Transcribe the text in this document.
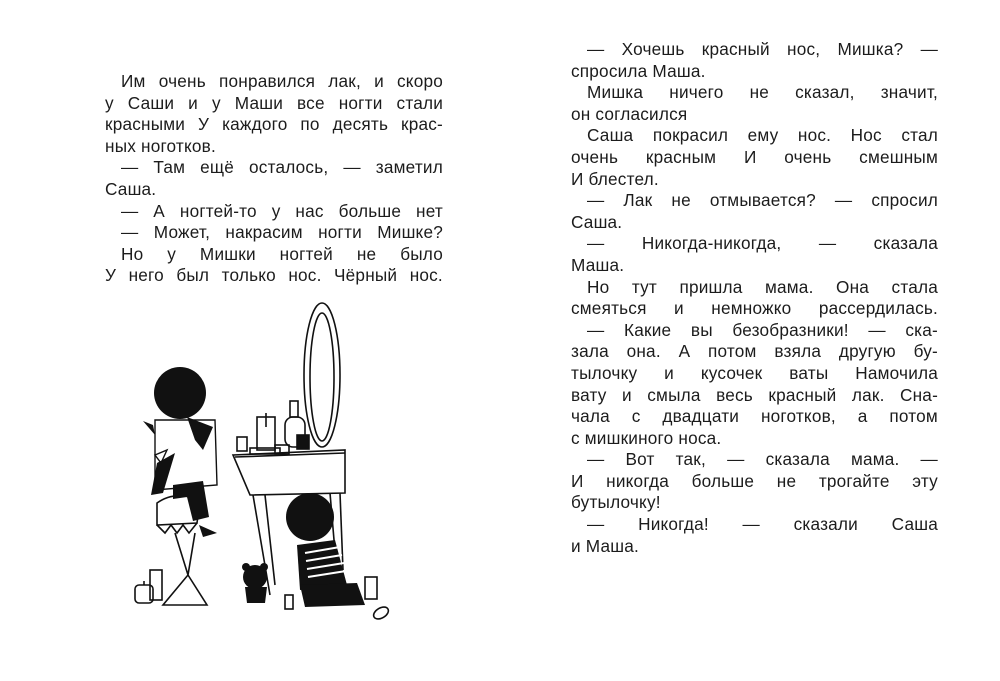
Им очень понравился лак, и скоро
у Саши и у Маши все ногти стали
красными У каждого по десять крас-
ных ноготков.
— Там ещё осталось, — заметил
Саша.
— А ногтей-то у нас больше нет
— Может, накрасим ногти Мишке?
Но у Мишки ногтей не было
У него был только нос. Чёрный нос.
— Хочешь красный нос, Мишка? —
спросила Маша.
Мишка ничего не сказал, значит,
он согласился
Саша покрасил ему нос. Нос стал
очень красным И очень смешным
И блестел.
— Лак не отмывается? — спросил
Саша.
— Никогда-никогда, — сказала
Маша.
Но тут пришла мама. Она стала
смеяться и немножко рассердилась.
— Какие вы безобразники! — ска-
зала она. А потом взяла другую бу-
тылочку и кусочек ваты Намочила
вату и смыла весь красный лак. Сна-
чала с двадцати ноготков, а потом
с мишкиного носа.
— Вот так, — сказала мама. —
И никогда больше не трогайте эту
бутылочку!
— Никогда! — сказали Саша
и Маша.
